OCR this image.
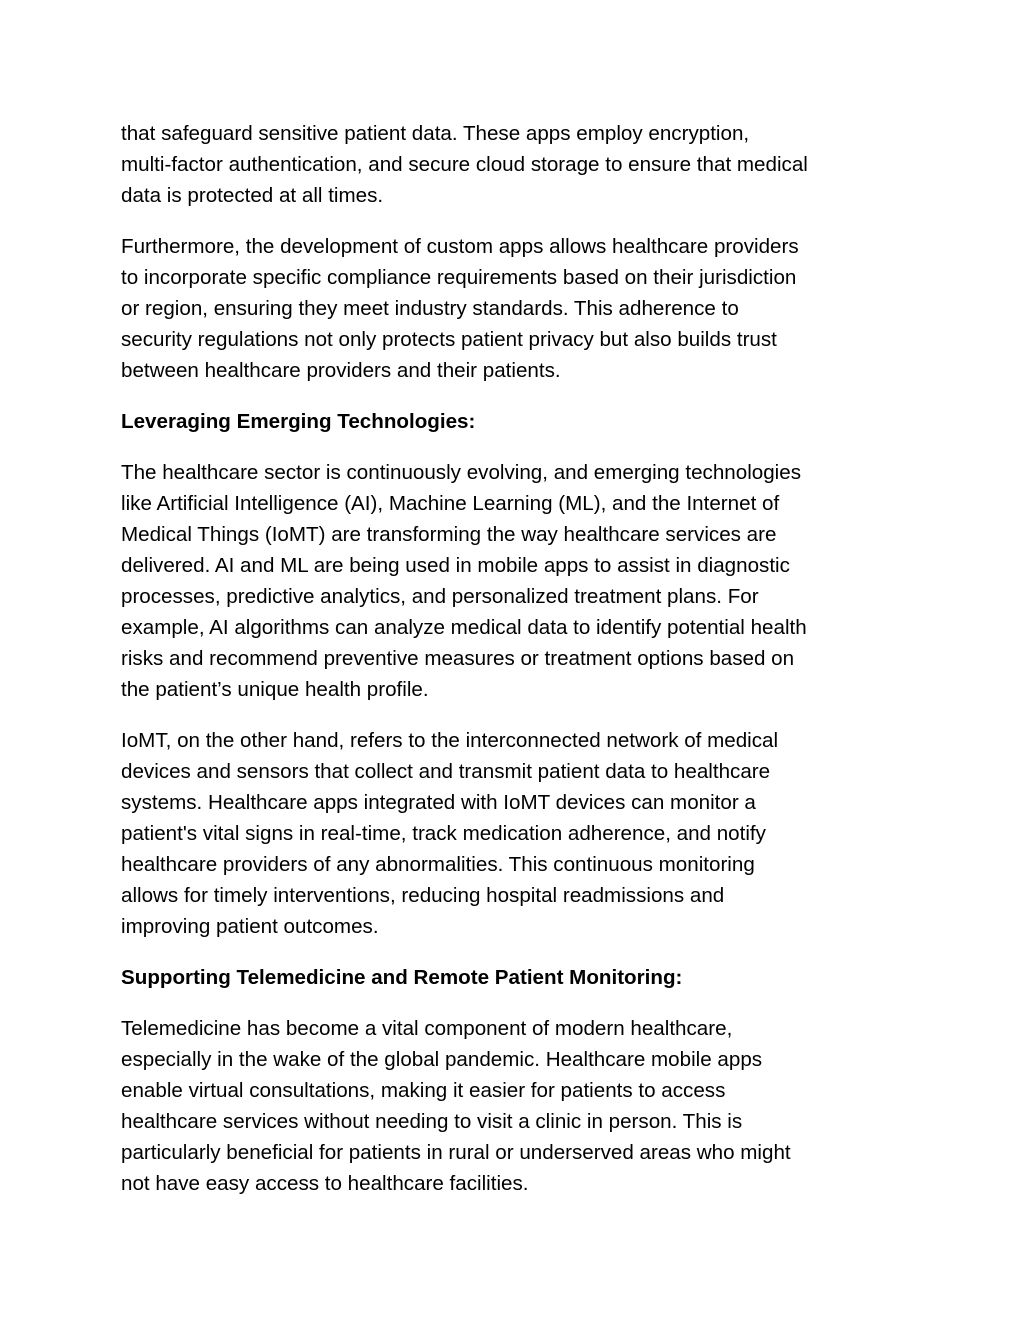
that safeguard sensitive patient data. These apps employ encryption,
multi-factor authentication, and secure cloud storage to ensure that medical
data is protected at all times.

Furthermore, the development of custom apps allows healthcare providers
to incorporate specific compliance requirements based on their jurisdiction
or region, ensuring they meet industry standards. This adherence to
security regulations not only protects patient privacy but also builds trust
between healthcare providers and their patients.

Leveraging Emerging Technologies:

The healthcare sector is continuously evolving, and emerging technologies
like Artificial Intelligence (AI), Machine Learning (ML), and the Internet of
Medical Things (IoMT) are transforming the way healthcare services are
delivered. AI and ML are being used in mobile apps to assist in diagnostic
processes, predictive analytics, and personalized treatment plans. For
example, AI algorithms can analyze medical data to identify potential health
risks and recommend preventive measures or treatment options based on
the patient’s unique health profile.

IoMT, on the other hand, refers to the interconnected network of medical
devices and sensors that collect and transmit patient data to healthcare
systems. Healthcare apps integrated with IoMT devices can monitor a
patient's vital signs in real-time, track medication adherence, and notify
healthcare providers of any abnormalities. This continuous monitoring
allows for timely interventions, reducing hospital readmissions and
improving patient outcomes.

Supporting Telemedicine and Remote Patient Monitoring:

Telemedicine has become a vital component of modern healthcare,
especially in the wake of the global pandemic. Healthcare mobile apps
enable virtual consultations, making it easier for patients to access
healthcare services without needing to visit a clinic in person. This is
particularly beneficial for patients in rural or underserved areas who might
not have easy access to healthcare facilities.
